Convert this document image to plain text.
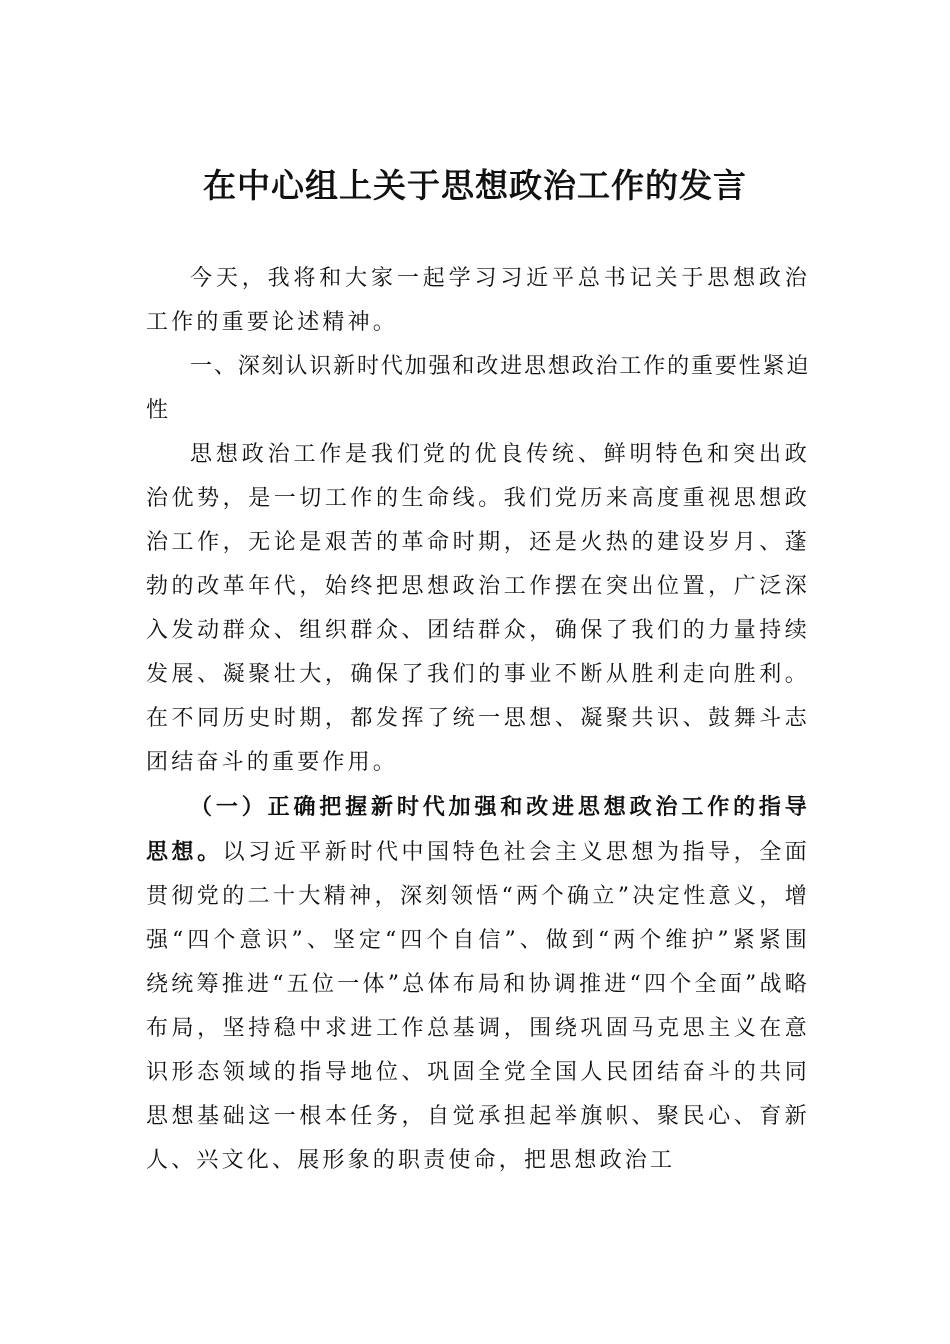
在中心组上关于思想政治工作的发言

今天，我将和大家一起学习习近平总书记关于思想政治工作的重要论述精神。

一、深刻认识新时代加强和改进思想政治工作的重要性紧迫性

思想政治工作是我们党的优良传统、鲜明特色和突出政治优势，是一切工作的生命线。我们党历来高度重视思想政治工作，无论是艰苦的革命时期，还是火热的建设岁月、蓬勃的改革年代，始终把思想政治工作摆在突出位置，广泛深入发动群众、组织群众、团结群众，确保了我们的力量持续发展、凝聚壮大，确保了我们的事业不断从胜利走向胜利。在不同历史时期，都发挥了统一思想、凝聚共识、鼓舞斗志团结奋斗的重要作用。

（一）正确把握新时代加强和改进思想政治工作的指导思想。以习近平新时代中国特色社会主义思想为指导，全面贯彻党的二十大精神，深刻领悟“两个确立”决定性意义，增强“四个意识”、坚定“四个自信”、做到“两个维护”紧紧围绕统筹推进“五位一体”总体布局和协调推进“四个全面”战略布局，坚持稳中求进工作总基调，围绕巩固马克思主义在意识形态领域的指导地位、巩固全党全国人民团结奋斗的共同思想基础这一根本任务，自觉承担起举旗帜、聚民心、育新人、兴文化、展形象的职责使命，把思想政治工
